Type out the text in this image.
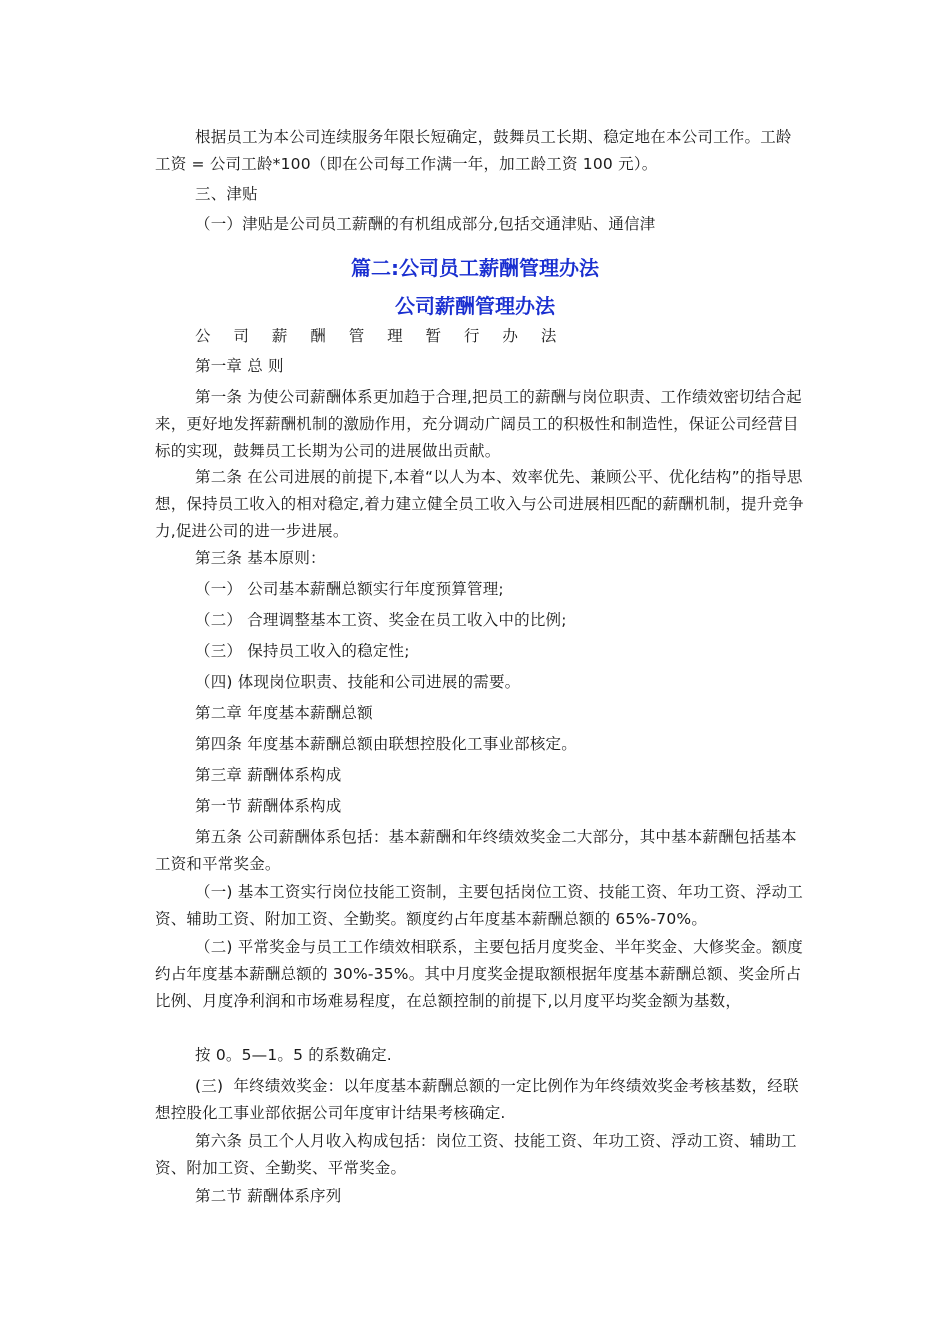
根据员工为本公司连续服务年限长短确定，鼓舞员工长期、稳定地在本公司工作。工龄工资 = 公司工龄*100（即在公司每工作满一年，加工龄工资 100 元）。

三、津贴

（一）津贴是公司员工薪酬的有机组成部分,包括交通津贴、通信津

篇二:公司员工薪酬管理办法
公司薪酬管理办法

公 司 薪 酬 管 理 暂 行 办 法

第一章 总 则

第一条 为使公司薪酬体系更加趋于合理,把员工的薪酬与岗位职责、工作绩效密切结合起来，更好地发挥薪酬机制的激励作用，充分调动广阔员工的积极性和制造性，保证公司经营目标的实现，鼓舞员工长期为公司的进展做出贡献。

第二条 在公司进展的前提下,本着“以人为本、效率优先、兼顾公平、优化结构”的指导思想，保持员工收入的相对稳定,着力建立健全员工收入与公司进展相匹配的薪酬机制，提升竞争力,促进公司的进一步进展。

第三条 基本原则：

（一） 公司基本薪酬总额实行年度预算管理;

（二） 合理调整基本工资、奖金在员工收入中的比例;

（三） 保持员工收入的稳定性;

（四) 体现岗位职责、技能和公司进展的需要。

第二章 年度基本薪酬总额

第四条 年度基本薪酬总额由联想控股化工事业部核定。

第三章 薪酬体系构成

第一节 薪酬体系构成

第五条 公司薪酬体系包括：基本薪酬和年终绩效奖金二大部分，其中基本薪酬包括基本工资和平常奖金。

（一) 基本工资实行岗位技能工资制，主要包括岗位工资、技能工资、年功工资、浮动工资、辅助工资、附加工资、全勤奖。额度约占年度基本薪酬总额的 65%-70%。

（二) 平常奖金与员工工作绩效相联系，主要包括月度奖金、半年奖金、大修奖金。额度约占年度基本薪酬总额的 30%-35%。其中月度奖金提取额根据年度基本薪酬总额、奖金所占比例、月度净利润和市场难易程度，在总额控制的前提下,以月度平均奖金额为基数，

按 0。5—1。5 的系数确定.

(三)  年终绩效奖金：以年度基本薪酬总额的一定比例作为年终绩效奖金考核基数，经联想控股化工事业部依据公司年度审计结果考核确定.

第六条 员工个人月收入构成包括：岗位工资、技能工资、年功工资、浮动工资、辅助工资、附加工资、全勤奖、平常奖金。

第二节 薪酬体系序列
